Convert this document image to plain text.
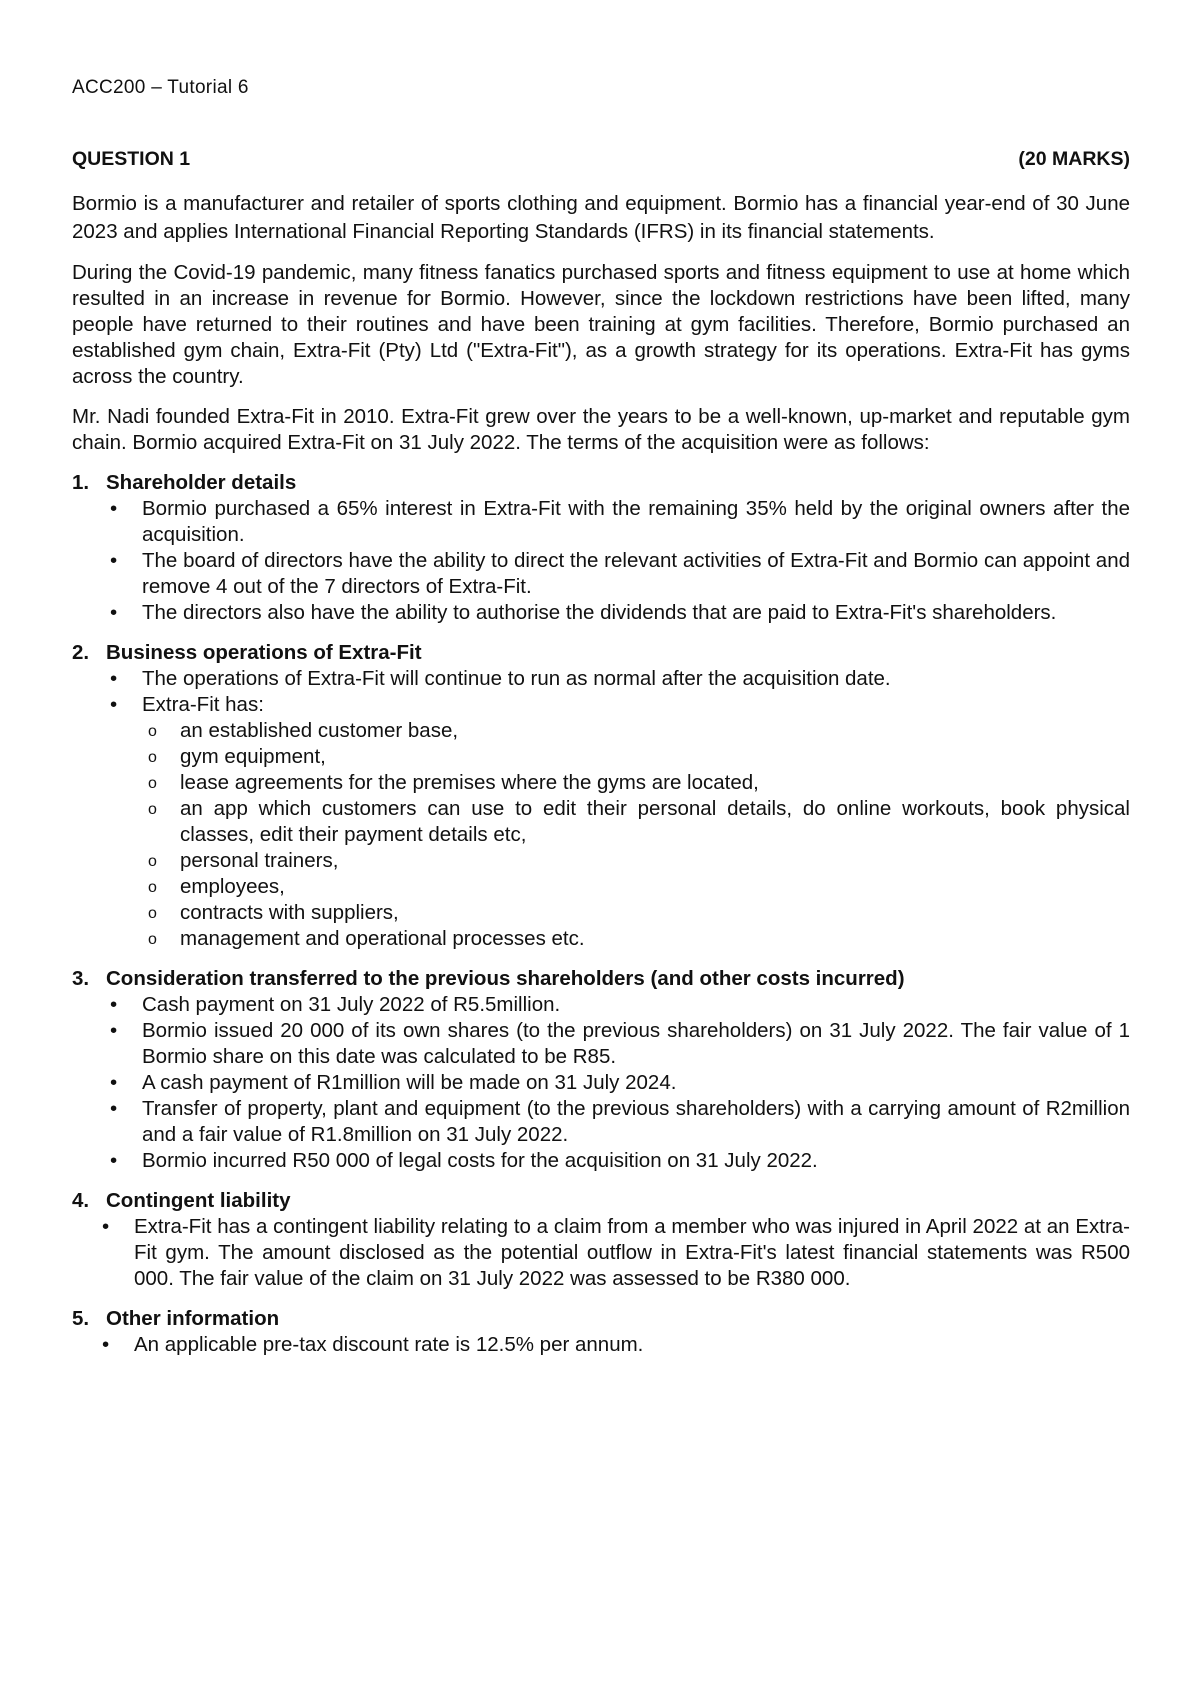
ACC200 – Tutorial 6
QUESTION 1	(20 MARKS)

Bormio is a manufacturer and retailer of sports clothing and equipment. Bormio has a financial year-end of 30 June 2023 and applies International Financial Reporting Standards (IFRS) in its financial statements.

During the Covid-19 pandemic, many fitness fanatics purchased sports and fitness equipment to use at home which resulted in an increase in revenue for Bormio. However, since the lockdown restrictions have been lifted, many people have returned to their routines and have been training at gym facilities. Therefore, Bormio purchased an established gym chain, Extra-Fit (Pty) Ltd ("Extra-Fit"), as a growth strategy for its operations. Extra-Fit has gyms across the country.

Mr. Nadi founded Extra-Fit in 2010. Extra-Fit grew over the years to be a well-known, up-market and reputable gym chain. Bormio acquired Extra-Fit on 31 July 2022. The terms of the acquisition were as follows:

1. Shareholder details
• Bormio purchased a 65% interest in Extra-Fit with the remaining 35% held by the original owners after the acquisition.
• The board of directors have the ability to direct the relevant activities of Extra-Fit and Bormio can appoint and remove 4 out of the 7 directors of Extra-Fit.
• The directors also have the ability to authorise the dividends that are paid to Extra-Fit's shareholders.
2. Business operations of Extra-Fit
• The operations of Extra-Fit will continue to run as normal after the acquisition date.
• Extra-Fit has:
o an established customer base,
o gym equipment,
o lease agreements for the premises where the gyms are located,
o an app which customers can use to edit their personal details, do online workouts, book physical classes, edit their payment details etc,
o personal trainers,
o employees,
o contracts with suppliers,
o management and operational processes etc.
3. Consideration transferred to the previous shareholders (and other costs incurred)
• Cash payment on 31 July 2022 of R5.5million.
• Bormio issued 20 000 of its own shares (to the previous shareholders) on 31 July 2022. The fair value of 1 Bormio share on this date was calculated to be R85.
• A cash payment of R1million will be made on 31 July 2024.
• Transfer of property, plant and equipment (to the previous shareholders) with a carrying amount of R2million and a fair value of R1.8million on 31 July 2022.
• Bormio incurred R50 000 of legal costs for the acquisition on 31 July 2022.
4. Contingent liability
• Extra-Fit has a contingent liability relating to a claim from a member who was injured in April 2022 at an Extra-Fit gym. The amount disclosed as the potential outflow in Extra-Fit's latest financial statements was R500 000. The fair value of the claim on 31 July 2022 was assessed to be R380 000.
5. Other information
• An applicable pre-tax discount rate is 12.5% per annum.
